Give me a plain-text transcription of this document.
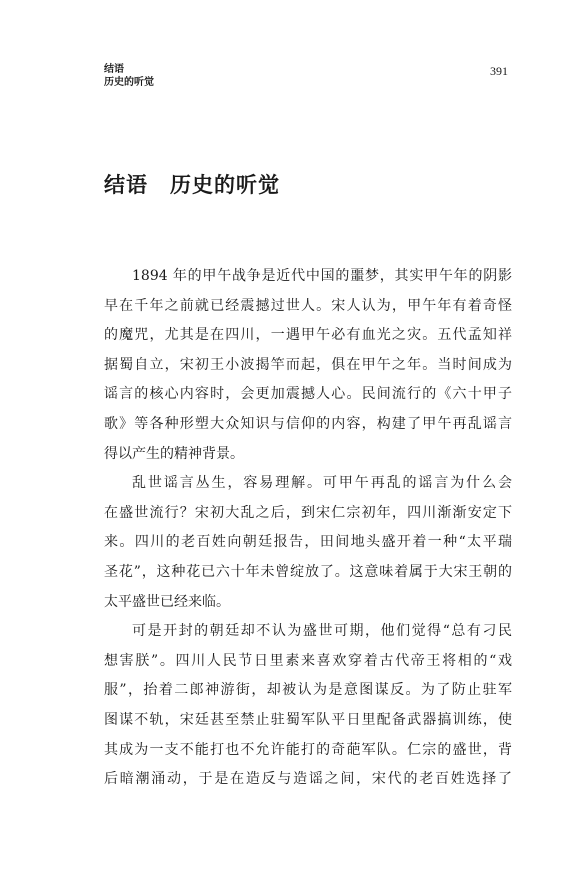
结语
历史的听觉
391
结语　历史的听觉
1894 年的甲午战争是近代中国的噩梦，其实甲午年的阴影
早在千年之前就已经震撼过世人。宋人认为，甲午年有着奇怪
的魔咒，尤其是在四川，一遇甲午必有血光之灾。五代孟知祥
据蜀自立，宋初王小波揭竿而起，俱在甲午之年。当时间成为
谣言的核心内容时，会更加震撼人心。民间流行的《六十甲子
歌》等各种形塑大众知识与信仰的内容，构建了甲午再乱谣言
得以产生的精神背景。
乱世谣言丛生，容易理解。可甲午再乱的谣言为什么会
在盛世流行？宋初大乱之后，到宋仁宗初年，四川渐渐安定下
来。四川的老百姓向朝廷报告，田间地头盛开着一种“太平瑞
圣花”，这种花已六十年未曾绽放了。这意味着属于大宋王朝的
太平盛世已经来临。
可是开封的朝廷却不认为盛世可期，他们觉得“总有刁民
想害朕”。四川人民节日里素来喜欢穿着古代帝王将相的“戏
服”，抬着二郎神游街，却被认为是意图谋反。为了防止驻军
图谋不轨，宋廷甚至禁止驻蜀军队平日里配备武器搞训练，使
其成为一支不能打也不允许能打的奇葩军队。仁宗的盛世，背
后暗潮涌动，于是在造反与造谣之间，宋代的老百姓选择了
